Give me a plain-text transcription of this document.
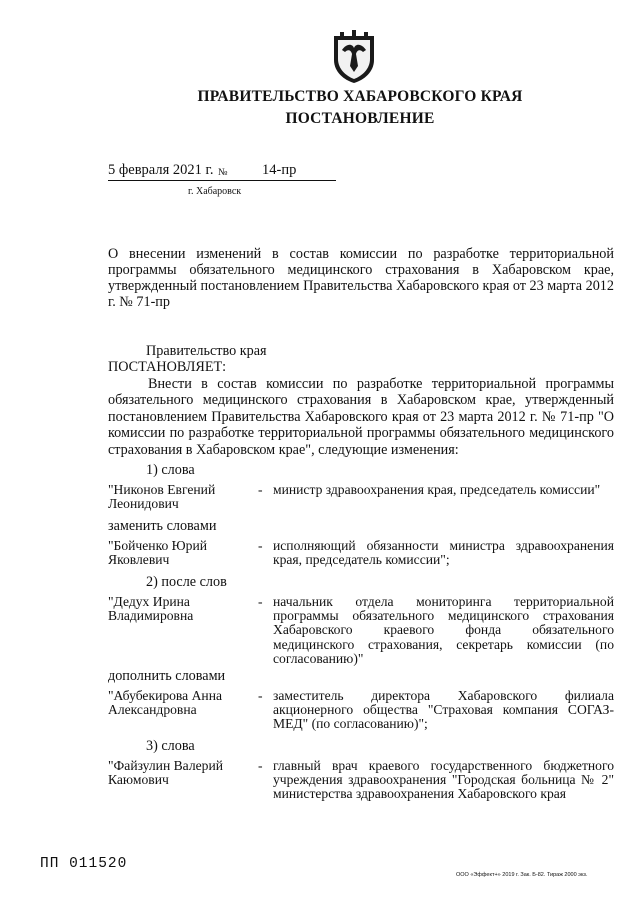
ПРАВИТЕЛЬСТВО ХАБАРОВСКОГО КРАЯ
ПОСТАНОВЛЕНИЕ
5 февраля 2021 г. № 14-пр
г. Хабаровск
О внесении изменений в состав комиссии по разработке территориальной программы обязательного медицинского страхования в Хабаровском крае, утвержденный постановлением Правительства Хабаровского края от 23 марта 2012 г. № 71-пр
Правительство края
ПОСТАНОВЛЯЕТ:
Внести в состав комиссии по разработке территориальной программы обязательного медицинского страхования в Хабаровском крае, утвержденный постановлением Правительства Хабаровского края от 23 марта 2012 г. № 71-пр "О комиссии по разработке территориальной программы обязательного медицинского страхования в Хабаровском крае", следующие изменения:
1) слова
"Никонов Евгений Леонидович
- министр здравоохранения края, председатель комиссии"
заменить словами
"Бойченко Юрий Яковлевич
- исполняющий обязанности министра здравоохранения края, председатель комиссии";
2) после слов
"Дедух Ирина Владимировна
- начальник отдела мониторинга территориальной программы обязательного медицинского страхования Хабаровского краевого фонда обязательного медицинского страхования, секретарь комиссии (по согласованию)"
дополнить словами
"Абубекирова Анна Александровна
- заместитель директора Хабаровского филиала акционерного общества "Страховая компания СОГАЗ-МЕД" (по согласованию)";
3) слова
"Файзулин Валерий Каюмович
- главный врач краевого государственного бюджетного учреждения здравоохранения "Городская больница № 2" министерства здравоохранения Хабаровского края
ПП 011520
ООО «Эффект+» 2019 г. Зак. Б-82. Тираж 2000 экз.
